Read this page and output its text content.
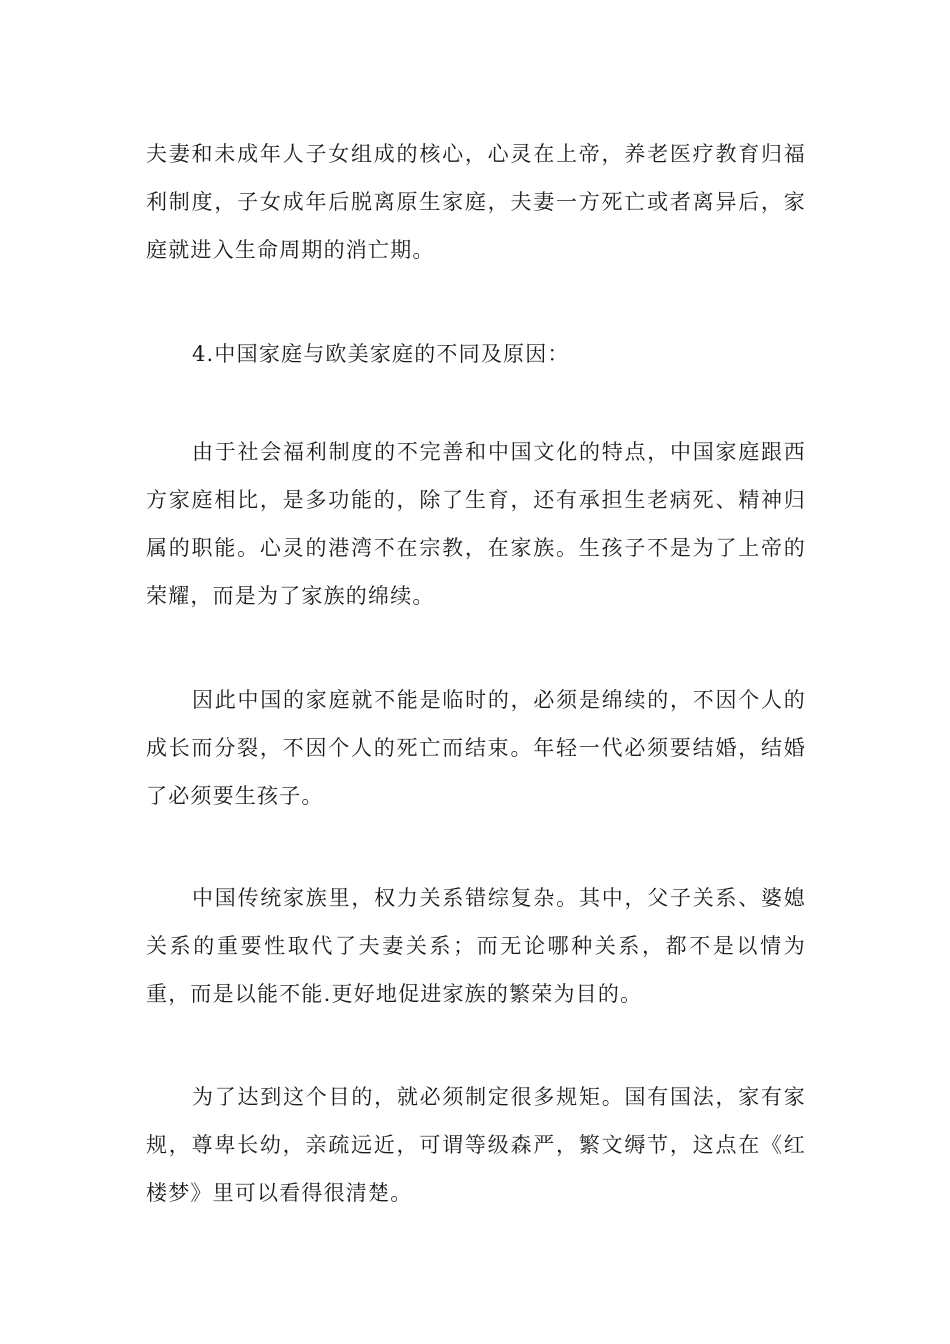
夫妻和未成年人子女组成的核心，心灵在上帝，养老医疗教育归福利制度，子女成年后脱离原生家庭，夫妻一方死亡或者离异后，家庭就进入生命周期的消亡期。

4.中国家庭与欧美家庭的不同及原因：

由于社会福利制度的不完善和中国文化的特点，中国家庭跟西方家庭相比，是多功能的，除了生育，还有承担生老病死、精神归属的职能。心灵的港湾不在宗教，在家族。生孩子不是为了上帝的荣耀，而是为了家族的绵续。

因此中国的家庭就不能是临时的，必须是绵续的，不因个人的成长而分裂，不因个人的死亡而结束。年轻一代必须要结婚，结婚了必须要生孩子。

中国传统家族里，权力关系错综复杂。其中，父子关系、婆媳关系的重要性取代了夫妻关系；而无论哪种关系，都不是以情为重，而是以能不能.更好地促进家族的繁荣为目的。

为了达到这个目的，就必须制定很多规矩。国有国法，家有家规，尊卑长幼，亲疏远近，可谓等级森严，繁文缛节，这点在《红楼梦》里可以看得很清楚。
